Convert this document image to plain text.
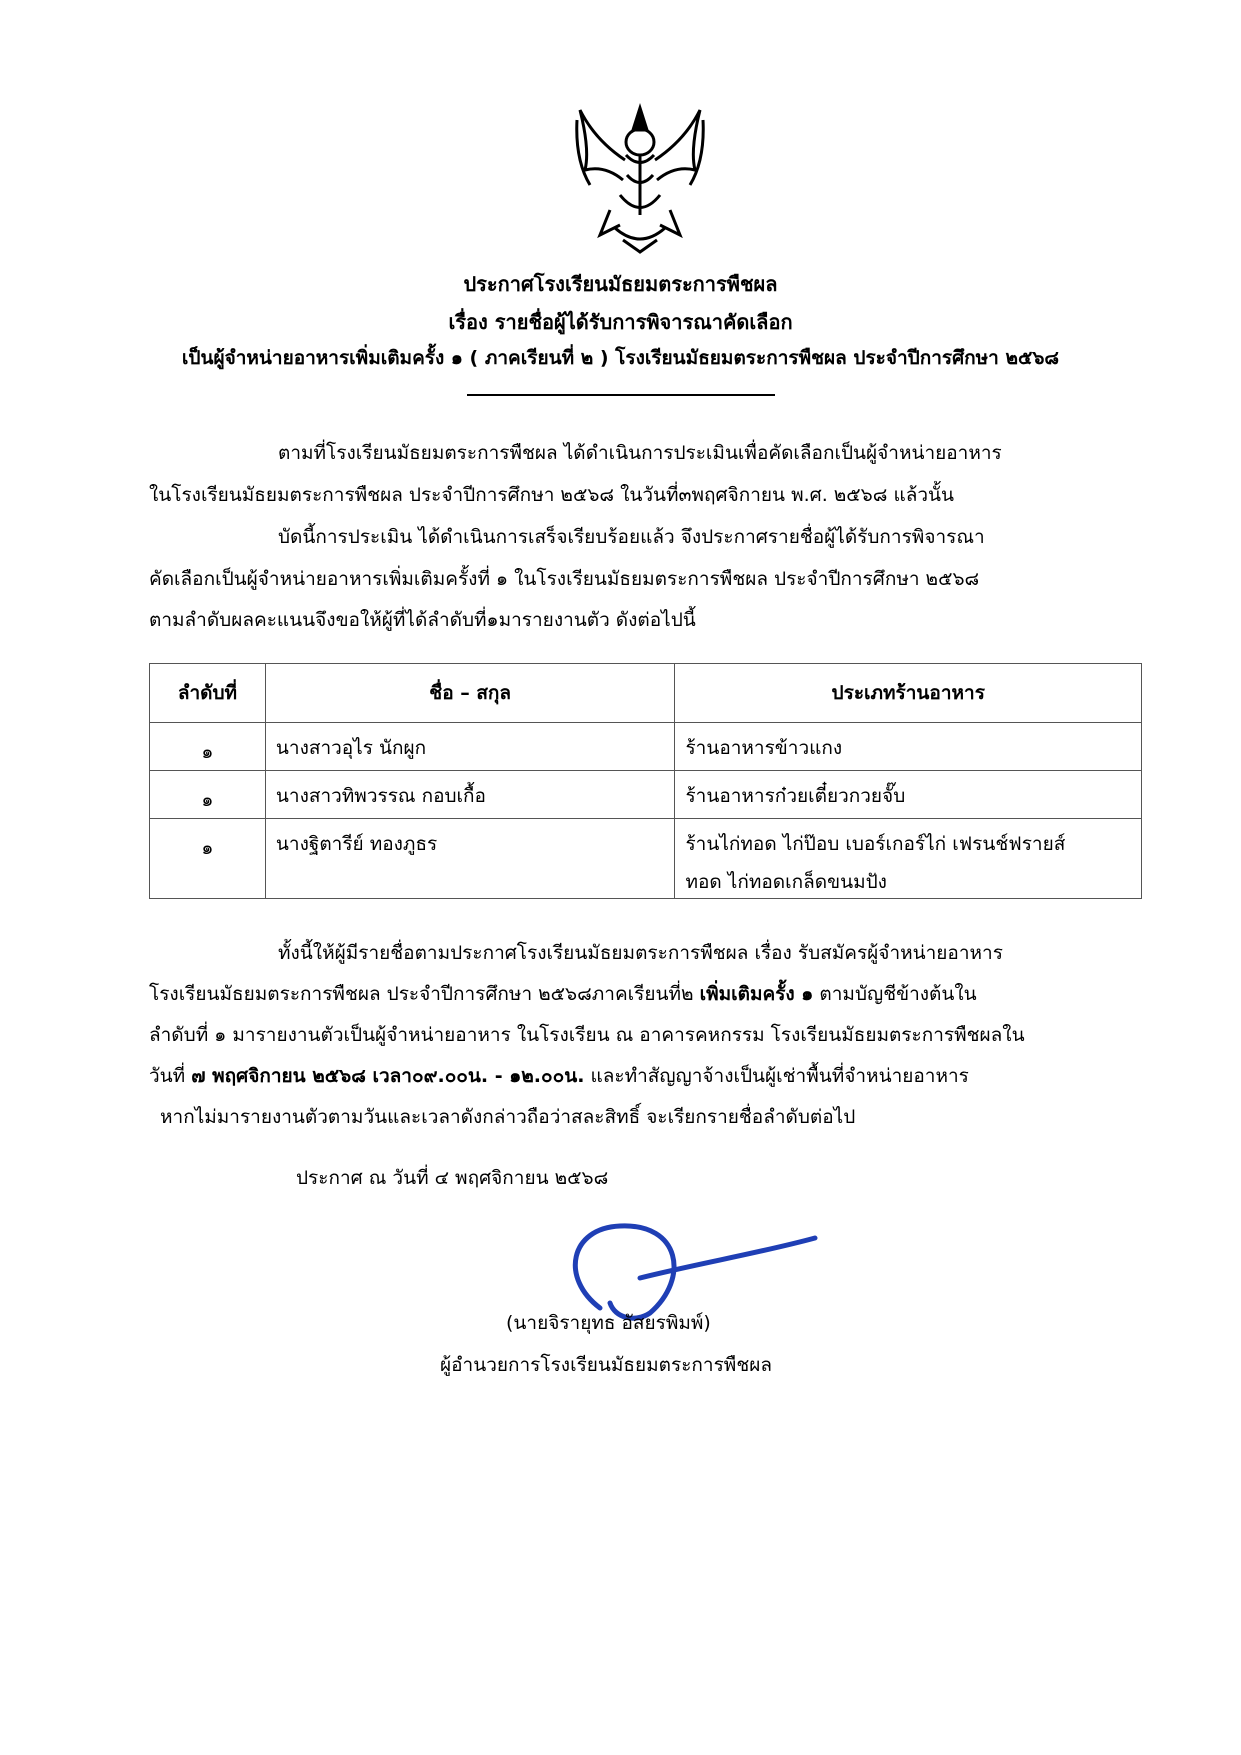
ประกาศโรงเรียนมัธยมตระการพืชผล
เรื่อง รายชื่อผู้ได้รับการพิจารณาคัดเลือก
เป็นผู้จำหน่ายอาหารเพิ่มเติมครั้ง ๑ ( ภาคเรียนที่ ๒ ) โรงเรียนมัธยมตระการพืชผล ประจำปีการศึกษา ๒๕๖๘
ตามที่โรงเรียนมัธยมตระการพืชผล ได้ดำเนินการประเมินเพื่อคัดเลือกเป็นผู้จำหน่ายอาหาร
ในโรงเรียนมัธยมตระการพืชผล ประจำปีการศึกษา ๒๕๖๘ ในวันที่๓พฤศจิกายน พ.ศ. ๒๕๖๘ แล้วนั้น
บัดนี้การประเมิน ได้ดำเนินการเสร็จเรียบร้อยแล้ว จึงประกาศรายชื่อผู้ได้รับการพิจารณา
คัดเลือกเป็นผู้จำหน่ายอาหารเพิ่มเติมครั้งที่ ๑ ในโรงเรียนมัธยมตระการพืชผล ประจำปีการศึกษา ๒๕๖๘
ตามลำดับผลคะแนนจึงขอให้ผู้ที่ได้ลำดับที่๑มารายงานตัว ดังต่อไปนี้
ลำดับที่	ชื่อ – สกุล	ประเภทร้านอาหาร
๑	นางสาวอุไร นักผูก	ร้านอาหารข้าวแกง
๑	นางสาวทิพวรรณ กอบเกื้อ	ร้านอาหารก๋วยเตี๋ยวกวยจั๊บ
๑	นางฐิตารีย์ ทองภูธร	ร้านไก่ทอด ไก่ป๊อบ เบอร์เกอร์ไก่ เฟรนช์ฟรายส์
ทอด ไก่ทอดเกล็ดขนมปัง
ทั้งนี้ให้ผู้มีรายชื่อตามประกาศโรงเรียนมัธยมตระการพืชผล เรื่อง รับสมัครผู้จำหน่ายอาหาร
โรงเรียนมัธยมตระการพืชผล ประจำปีการศึกษา ๒๕๖๘ภาคเรียนที่๒ เพิ่มเติมครั้ง ๑ ตามบัญชีข้างต้นใน
ลำดับที่ ๑ มารายงานตัวเป็นผู้จำหน่ายอาหาร ในโรงเรียน ณ อาคารคหกรรม โรงเรียนมัธยมตระการพืชผลใน
วันที่ ๗ พฤศจิกายน ๒๕๖๘ เวลา๐๙.๐๐น. - ๑๒.๐๐น. และทำสัญญาจ้างเป็นผู้เช่าพื้นที่จำหน่ายอาหาร
หากไม่มารายงานตัวตามวันและเวลาดังกล่าวถือว่าสละสิทธิ์ จะเรียกรายชื่อลำดับต่อไป
ประกาศ ณ วันที่ ๔ พฤศจิกายน ๒๕๖๘
(นายจิรายุทธ อัสยรพิมพ์)
ผู้อำนวยการโรงเรียนมัธยมตระการพืชผล
